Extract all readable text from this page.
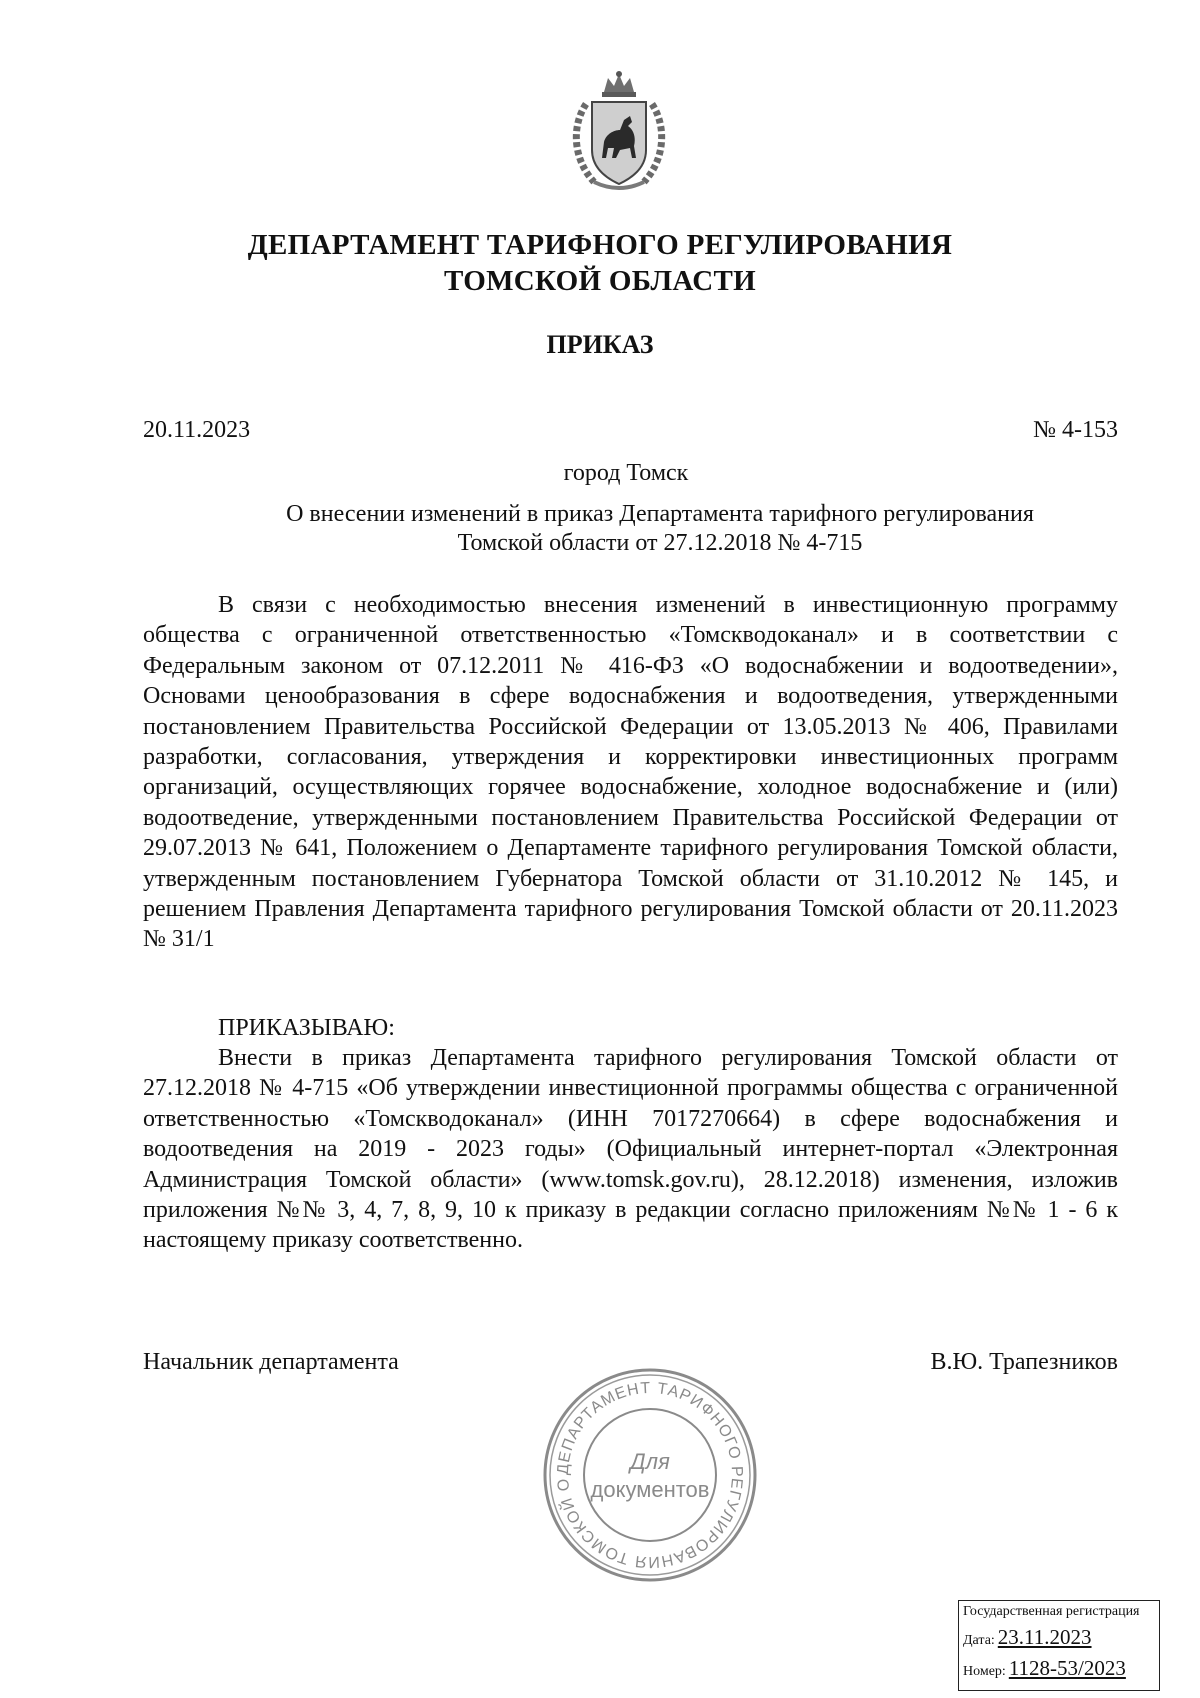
ДЕПАРТАМЕНТ ТАРИФНОГО РЕГУЛИРОВАНИЯ
ТОМСКОЙ ОБЛАСТИ
ПРИКАЗ
20.11.2023	№ 4-153
город Томск
О внесении изменений в приказ Департамента тарифного регулирования
Томской области от 27.12.2018 № 4-715

В связи с необходимостью внесения изменений в инвестиционную программу общества с ограниченной ответственностью «Томскводоканал» и в соответствии с Федеральным законом от 07.12.2011 № 416-ФЗ «О водоснабжении и водоотведении», Основами ценообразования в сфере водоснабжения и водоотведения, утвержденными постановлением Правительства Российской Федерации от 13.05.2013 № 406, Правилами разработки, согласования, утверждения и корректировки инвестиционных программ организаций, осуществляющих горячее водоснабжение, холодное водоснабжение и (или) водоотведение, утвержденными постановлением Правительства Российской Федерации от 29.07.2013 № 641, Положением о Департаменте тарифного регулирования Томской области, утвержденным постановлением Губернатора Томской области от 31.10.2012 № 145, и решением Правления Департамента тарифного регулирования Томской области от 20.11.2023 № 31/1

ПРИКАЗЫВАЮ:

Внести в приказ Департамента тарифного регулирования Томской области от 27.12.2018 № 4-715 «Об утверждении инвестиционной программы общества с ограниченной ответственностью «Томскводоканал» (ИНН 7017270664) в сфере водоснабжения и водоотведения на 2019 - 2023 годы» (Официальный интернет-портал «Электронная Администрация Томской области» (www.tomsk.gov.ru), 28.12.2018) изменения, изложив приложения №№ 3, 4, 7, 8, 9, 10 к приказу в редакции согласно приложениям №№ 1 - 6 к настоящему приказу соответственно.

Начальник департамента	В.Ю. Трапезников
ДЕПАРТАМЕНТ ТАРИФНОГО РЕГУЛИРОВАНИЯ ТОМСКОЙ О
Для
документов
Государственная регистрация
Дата: 23.11.2023
Номер: 1128-53/2023
